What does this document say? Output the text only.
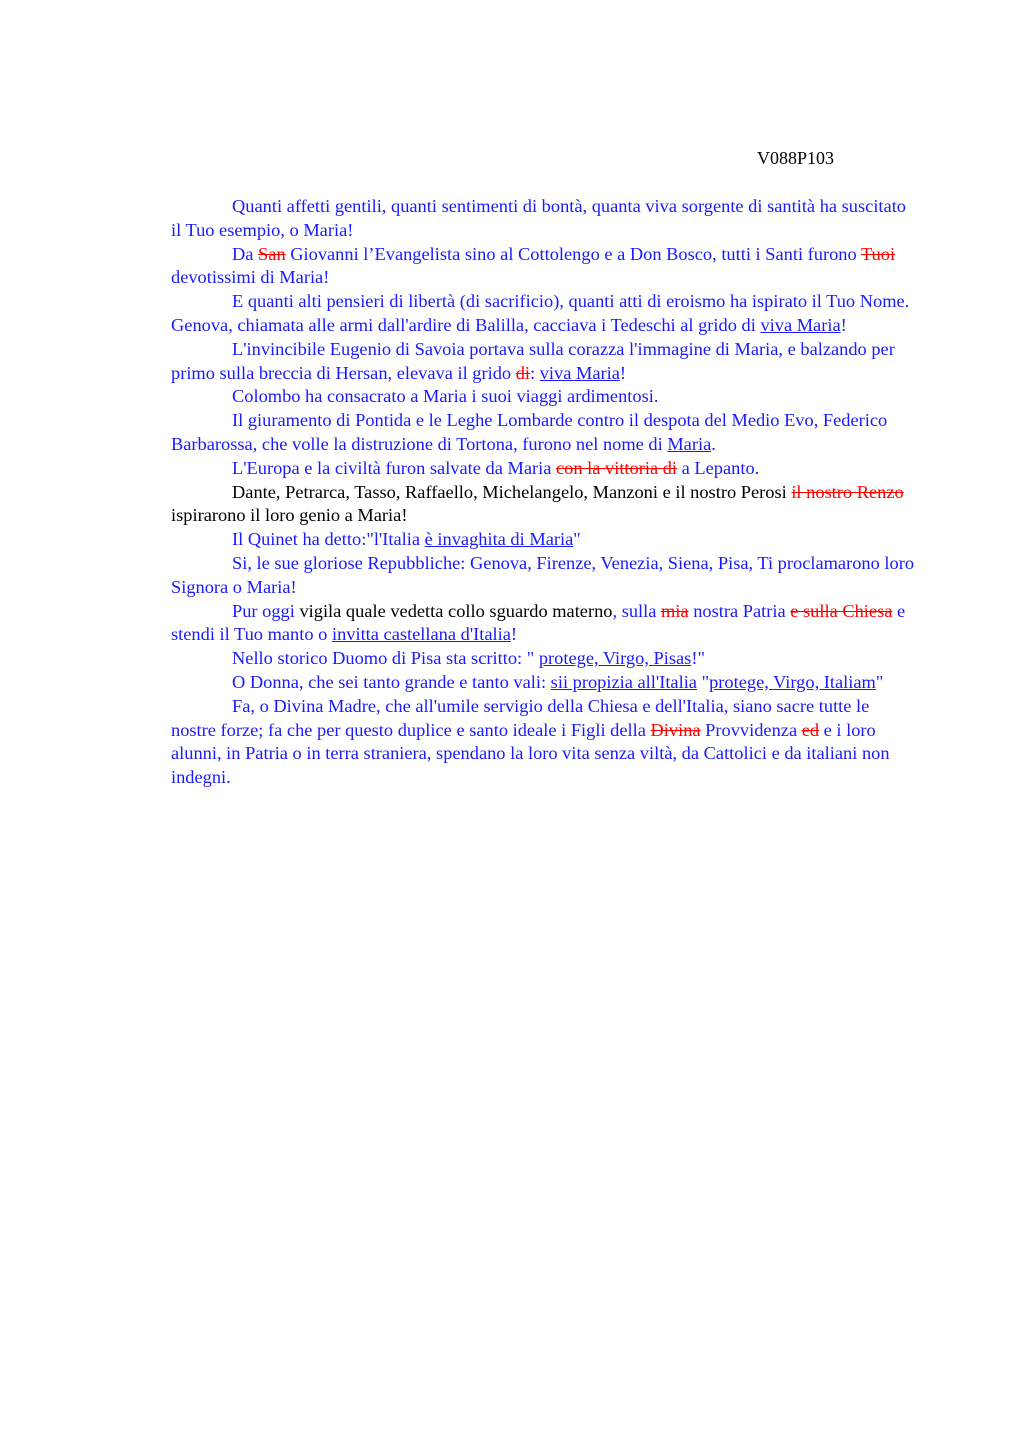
V088P103

Quanti affetti gentili, quanti sentimenti di bontà, quanta viva sorgente di santità ha suscitato il Tuo esempio, o Maria!

Da San Giovanni l’Evangelista sino al Cottolengo e a Don Bosco, tutti i Santi furono Tuoi devotissimi di Maria!

E quanti alti pensieri di libertà (di sacrificio), quanti atti di eroismo ha ispirato il Tuo Nome.

Genova, chiamata alle armi dall'ardire di Balilla, cacciava i Tedeschi al grido di viva Maria!

L'invincibile Eugenio di Savoia portava sulla corazza l'immagine di Maria, e balzando per primo sulla breccia di Hersan, elevava il grido di: viva Maria!

Colombo ha consacrato a Maria i suoi viaggi ardimentosi.

Il giuramento di Pontida e le Leghe Lombarde contro il despota del Medio Evo, Federico Barbarossa, che volle la distruzione di Tortona, furono nel nome di Maria.

L'Europa e la civiltà furon salvate da Maria con la vittoria di a Lepanto.

Dante, Petrarca, Tasso, Raffaello, Michelangelo, Manzoni e il nostro Perosi il nostro Renzo ispirarono il loro genio a Maria!

Il Quinet ha detto:"l'Italia è invaghita di Maria"

Si, le sue gloriose Repubbliche: Genova, Firenze, Venezia, Siena, Pisa, Ti proclamarono loro Signora o Maria!

Pur oggi vigila quale vedetta collo sguardo materno, sulla mia nostra Patria e sulla Chiesa e stendi il Tuo manto o invitta castellana d'Italia!

Nello storico Duomo di Pisa sta scritto: " protege, Virgo, Pisas!"

O Donna, che sei tanto grande e tanto vali: sii propizia all'Italia "protege, Virgo, Italiam"

Fa, o Divina Madre, che all'umile servigio della Chiesa e dell'Italia, siano sacre tutte le nostre forze; fa che per questo duplice e santo ideale i Figli della Divina Provvidenza ed e i loro alunni, in Patria o in terra straniera, spendano la loro vita senza viltà, da Cattolici e da italiani non indegni.
